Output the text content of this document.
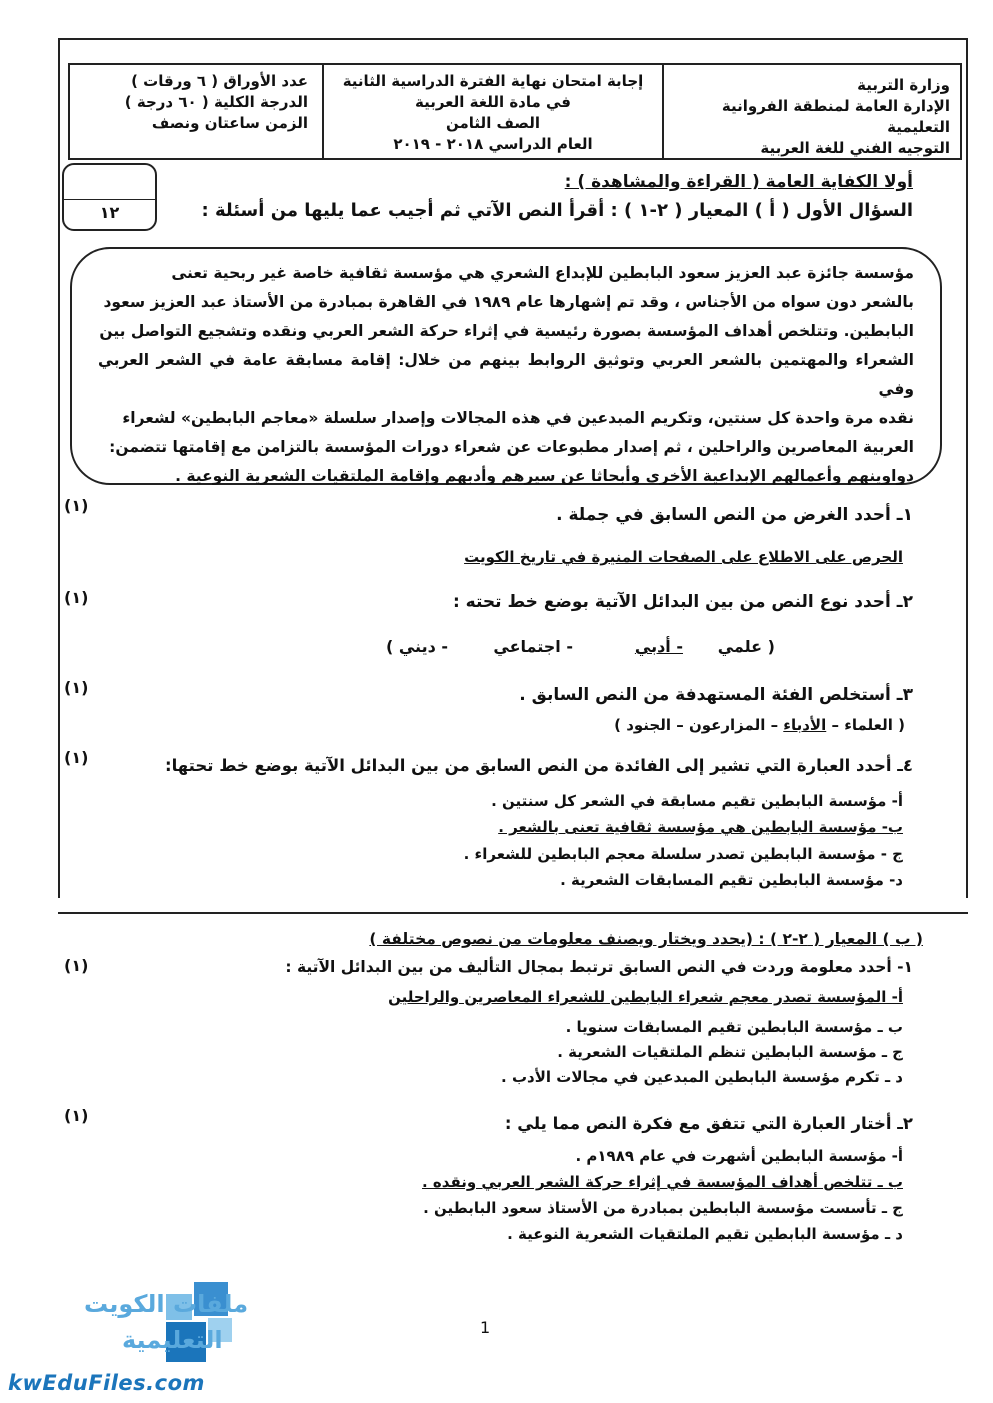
وزارة التربية
الإدارة العامة لمنطقة الفروانية التعليمية
التوجيه الفني للغة العربية
إجابة امتحان نهاية الفترة الدراسية الثانية
في مادة اللغة العربية
الصف الثامن
العام الدراسي ٢٠١٨ - ٢٠١٩
عدد الأوراق ( ٦ ورقات )
الدرجة الكلية ( ٦٠ درجة )
الزمن ساعتان ونصف
١٢
أولا الكفاية العامة ( القراءة والمشاهدة ) :
السؤال الأول ( أ ) المعيار ( ٢-١ ) : أقرأ النص الآتي ثم أجيب عما يليها من أسئلة :

مؤسسة جائزة عبد العزيز سعود البابطين للإبداع الشعري هي مؤسسة ثقافية خاصة غير ربحية تعنى

بالشعر دون سواه من الأجناس ، وقد تم إشهارها عام ١٩٨٩ في القاهرة بمبادرة من الأستاذ عبد العزيز سعود

البابطين. وتتلخص أهداف المؤسسة بصورة رئيسية في إثراء حركة الشعر العربي ونقده وتشجيع التواصل بين

الشعراء والمهتمين بالشعر العربي وتوثيق الروابط بينهم من خلال: إقامة مسابقة عامة في الشعر العربي وفي

نقده مرة واحدة كل سنتين، وتكريم المبدعين في هذه المجالات وإصدار سلسلة «معاجم البابطين» لشعراء

العربية المعاصرين والراحلين ، ثم إصدار مطبوعات عن شعراء دورات المؤسسة بالتزامن مع إقامتها تتضمن:

دواوينهم وأعمالهم الإبداعية الأخرى وأبحاثا عن سيرهم وأدبهم وإقامة الملتقيات الشعرية النوعية .

(١)	١ـ أحدد الغرض من النص السابق في جملة .
الحرص على الاطلاع على الصفحات المنيرة في تاريخ الكويت
(١)	٢ـ أحدد نوع النص من بين البدائل الآتية بوضع خط تحته :
( علمي
- أدبي
- اجتماعي
- ديني )
(١)	٣ـ أستخلص الفئة المستهدفة من النص السابق .
( العلماء – الأدباء – المزارعون – الجنود )
(١)	٤ـ أحدد العبارة التي تشير إلى الفائدة من النص السابق من بين البدائل الآتية بوضع خط تحتها:
أ- مؤسسة البابطين تقيم مسابقة في الشعر كل سنتين .
ب- مؤسسة البابطين هي مؤسسة ثقافية تعنى بالشعر .
ج - مؤسسة البابطين تصدر سلسلة معجم البابطين للشعراء .
د- مؤسسة البابطين تقيم المسابقات الشعرية .
( ب ) المعيار ( ٢-٢ ) : (يحدد ويختار ويصنف معلومات من نصوص مختلفة )
(١)	١- أحدد معلومة وردت في النص السابق ترتبط بمجال التأليف من بين البدائل الآتية :
أ- المؤسسة تصدر معجم شعراء البابطين للشعراء المعاصرين والراحلين
ب ـ مؤسسة البابطين تقيم المسابقات سنويا .
ج ـ مؤسسة البابطين تنظم الملتقيات الشعرية .
د ـ تكرم مؤسسة البابطين المبدعين في مجالات الأدب .
(١)	٢ـ أختار العبارة التي تتفق مع فكرة النص مما يلي :
أ- مؤسسة البابطين أشهرت في عام ١٩٨٩م .
ب ـ تتلخص أهداف المؤسسة في إثراء حركة الشعر العربي ونقده .
ج ـ تأسست مؤسسة البابطين بمبادرة من الأستاذ سعود البابطين .
د ـ مؤسسة البابطين تقيم الملتقيات الشعرية النوعية .
1
ملفات الكويت
التعليمية
kwEduFiles.com
